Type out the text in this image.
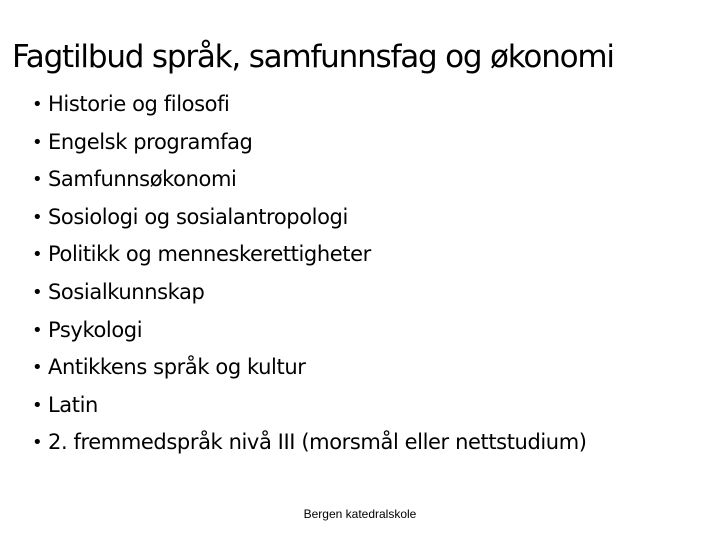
Fagtilbud språk, samfunnsfag og økonomi
• Historie og filosofi
• Engelsk programfag
• Samfunnsøkonomi
• Sosiologi og sosialantropologi
• Politikk og menneskerettigheter
• Sosialkunnskap
• Psykologi
• Antikkens språk og kultur
• Latin
• 2. fremmedspråk nivå III (morsmål eller nettstudium)
Bergen katedralskole
